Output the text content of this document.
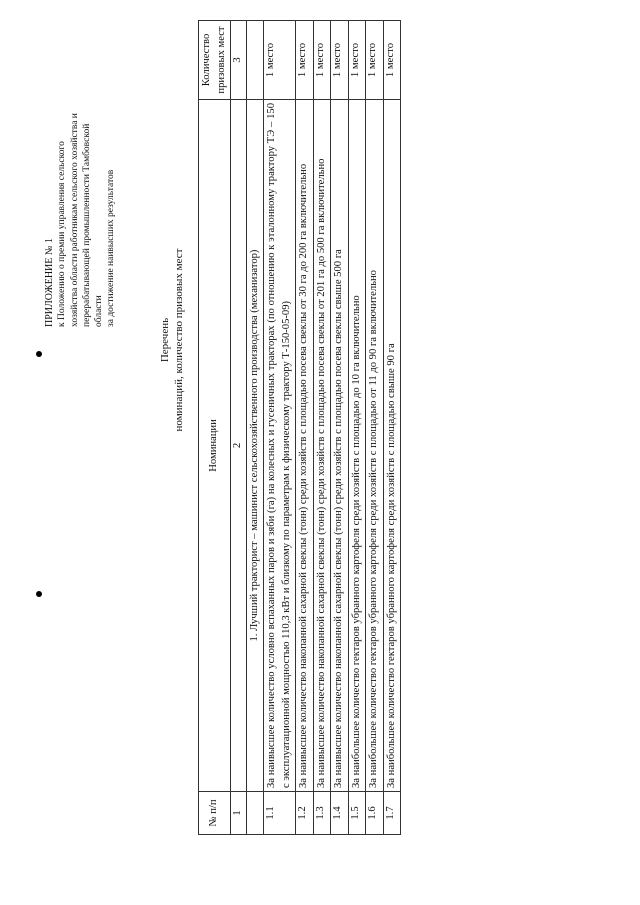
ПРИЛОЖЕНИЕ № 1 к Положению о премии управления сельского хозяйства области работникам сельского хозяйства и перерабатывающей промышленности Тамбовской области за достижение наивысших результатов
Перечень номинаций, количество призовых мест
№ п/п	Номинации	Количество призовых мест
1	2	3
	1. Лучший тракторист – машинист сельскохозяйственного производства (механизатор)	
1.1	За наивысшее количество условно вспаханных паров и зяби (га) на колесных и гусеничных тракторах (по отношению к эталонному трактору ТЭ – 150 с эксплуатационной мощностью 110,3 кВт и близкому по параметрам к физическому трактору Т-150-05-09)	1 место
1.2	За наивысшее количество накопанной сахарной свеклы (тонн) среди хозяйств с площадью посева свеклы от 30 га до 200 га включительно	1 место
1.3	За наивысшее количество накопанной сахарной свеклы (тонн) среди хозяйств с площадью посева свеклы от 201 га до 500 га включительно	1 место
1.4	За наивысшее количество накопанной сахарной свеклы (тонн) среди хозяйств с площадью посева свеклы свыше 500 га	1 место
1.5	За наибольшее количество гектаров убранного картофеля среди хозяйств с площадью до 10 га включительно	1 место
1.6	За наибольшее количество гектаров убранного картофеля среди хозяйств с площадью от 11 до 90 га включительно	1 место
1.7	За наибольшее количество гектаров убранного картофеля среди хозяйств с площадью свыше 90 га	1 место
